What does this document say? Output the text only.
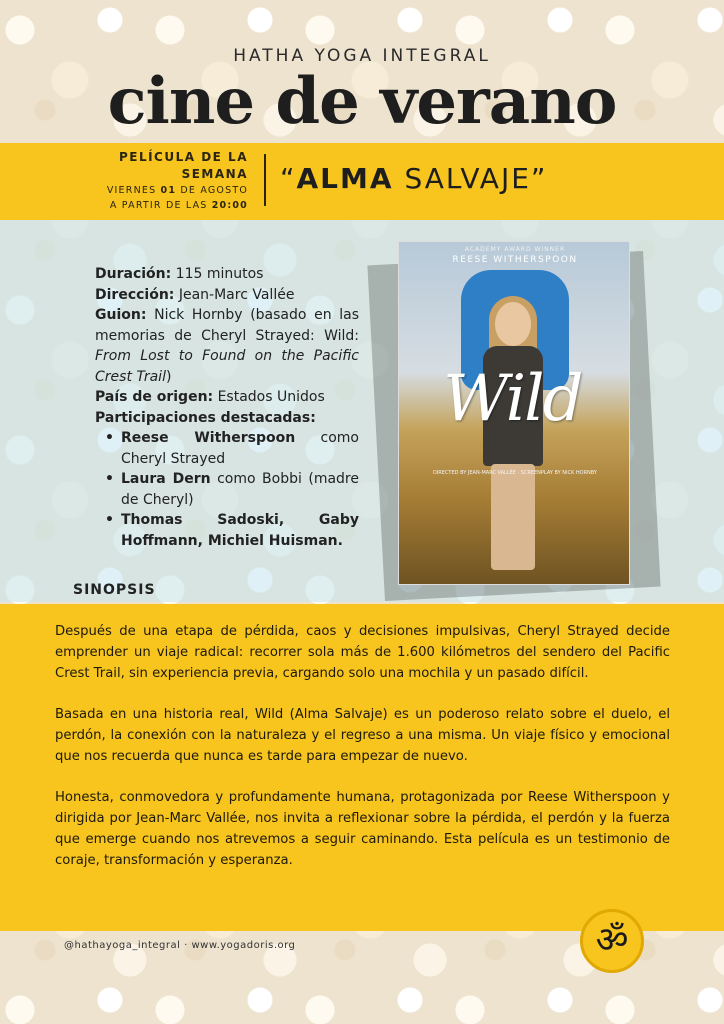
HATHA YOGA INTEGRAL
cine de verano
PELÍCULA DE LA
SEMANA
VIERNES 01 DE AGOSTO
A PARTIR DE LAS 20:00
“ALMA SALVAJE”
Duración: 115 minutos
Dirección: Jean-Marc Vallée
Guion: Nick Hornby (basado en las memorias de Cheryl Strayed: Wild: From Lost to Found on the Pacific Crest Trail)
País de origen: Estados Unidos
Participaciones destacadas:
• Reese Witherspoon como Cheryl Strayed
• Laura Dern como Bobbi (madre de Cheryl)
• Thomas Sadoski, Gaby Hoffmann, Michiel Huisman.
ACADEMY AWARD WINNER
REESE WITHERSPOON
Wild
DIRECTED BY JEAN-MARC VALLÉE · SCREENPLAY BY NICK HORNBY
SINOPSIS

Después de una etapa de pérdida, caos y decisiones impulsivas, Cheryl Strayed decide emprender un viaje radical: recorrer sola más de 1.600 kilómetros del sendero del Pacific Crest Trail, sin experiencia previa, cargando solo una mochila y un pasado difícil.

Basada en una historia real, Wild (Alma Salvaje) es un poderoso relato sobre el duelo, el perdón, la conexión con la naturaleza y el regreso a una misma. Un viaje físico y emocional que nos recuerda que nunca es tarde para empezar de nuevo.

Honesta, conmovedora y profundamente humana, protagonizada por Reese Witherspoon y dirigida por Jean-Marc Vallée, nos invita a reflexionar sobre la pérdida, el perdón y la fuerza que emerge cuando nos atrevemos a seguir caminando. Esta película es un testimonio de coraje, transformación y esperanza.

@hathayoga_integral · www.yogadoris.org	ॐ
